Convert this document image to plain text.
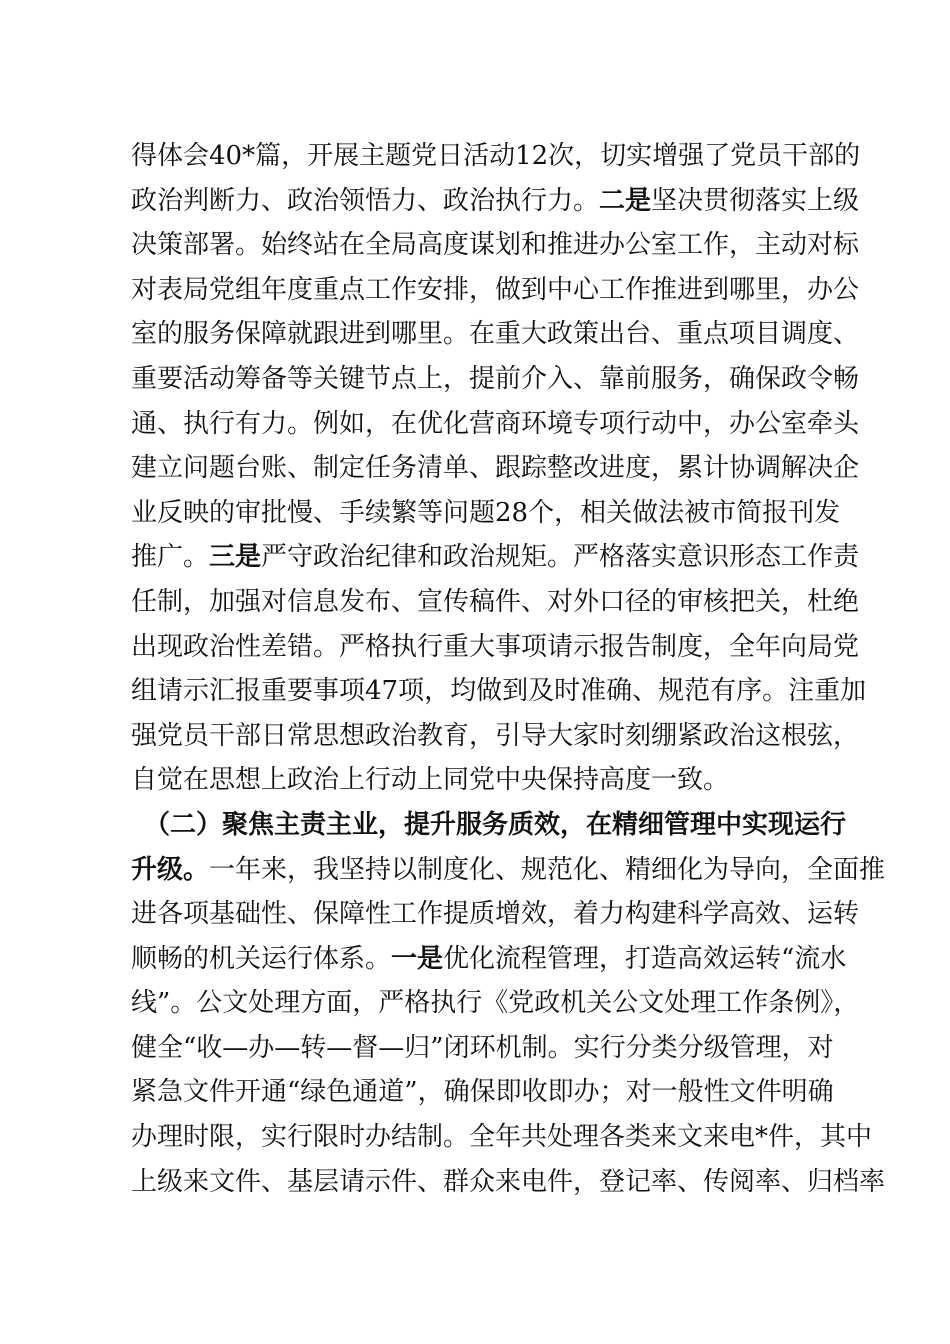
得体会40*篇，开展主题党日活动12次，切实增强了党员干部的
政治判断力、政治领悟力、政治执行力。二是坚决贯彻落实上级
决策部署。始终站在全局高度谋划和推进办公室工作，主动对标
对表局党组年度重点工作安排，做到中心工作推进到哪里，办公
室的服务保障就跟进到哪里。在重大政策出台、重点项目调度、
重要活动筹备等关键节点上，提前介入、靠前服务，确保政令畅
通、执行有力。例如，在优化营商环境专项行动中，办公室牵头
建立问题台账、制定任务清单、跟踪整改进度，累计协调解决企
业反映的审批慢、手续繁等问题28个，相关做法被市简报刊发
推广。三是严守政治纪律和政治规矩。严格落实意识形态工作责
任制，加强对信息发布、宣传稿件、对外口径的审核把关，杜绝
出现政治性差错。严格执行重大事项请示报告制度，全年向局党
组请示汇报重要事项47项，均做到及时准确、规范有序。注重加
强党员干部日常思想政治教育，引导大家时刻绷紧政治这根弦，
自觉在思想上政治上行动上同党中央保持高度一致。
　（二）聚焦主责主业，提升服务质效，在精细管理中实现运行
升级。一年来，我坚持以制度化、规范化、精细化为导向，全面推
进各项基础性、保障性工作提质增效，着力构建科学高效、运转
顺畅的机关运行体系。一是优化流程管理，打造高效运转“流水
线”。公文处理方面，严格执行《党政机关公文处理工作条例》，
健全“收—办—转—督—归”闭环机制。实行分类分级管理，对
紧急文件开通“绿色通道”，确保即收即办；对一般性文件明确
办理时限，实行限时办结制。全年共处理各类来文来电*件，其中
上级来文件、基层请示件、群众来电件，登记率、传阅率、归档率
